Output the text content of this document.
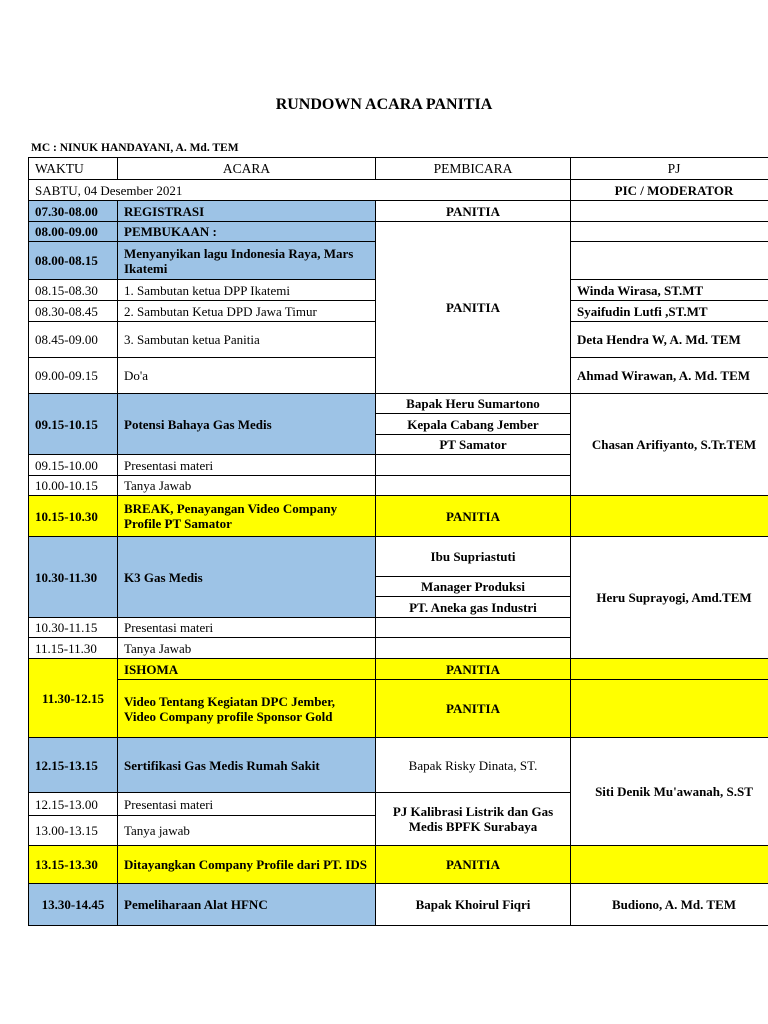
RUNDOWN ACARA PANITIA
MC : NINUK HANDAYANI, A. Md. TEM
WAKTU	ACARA	PEMBICARA	PJ
SABTU, 04 Desember 2021			PIC / MODERATOR
07.30-08.00	REGISTRASI	PANITIA	
08.00-09.00	PEMBUKAAN :	PANITIA	
08.00-08.15	Menyanyikan lagu Indonesia Raya, Mars Ikatemi		
08.15-08.30	1. Sambutan ketua DPP Ikatemi		Winda Wirasa, ST.MT
08.30-08.45	2. Sambutan Ketua DPD Jawa Timur		Syaifudin Lutfi ,ST.MT
08.45-09.00	3. Sambutan ketua Panitia		Deta Hendra W, A. Md. TEM
09.00-09.15	Do'a		Ahmad Wirawan, A. Md. TEM
09.15-10.15	Potensi Bahaya Gas Medis	Bapak Heru Sumartono	Chasan Arifiyanto, S.Tr.TEM
		Kepala Cabang Jember	
		PT Samator	
09.15-10.00	Presentasi materi		
10.00-10.15	Tanya Jawab		
10.15-10.30	BREAK, Penayangan Video Company Profile PT Samator	PANITIA	
10.30-11.30	K3 Gas Medis	Ibu Supriastuti	Heru Suprayogi, Amd.TEM
		Manager Produksi	
		PT. Aneka gas Industri	
10.30-11.15	Presentasi materi		
11.15-11.30	Tanya Jawab		
11.30-12.15	ISHOMA	PANITIA	
	Video Tentang Kegiatan DPC Jember, Video Company profile Sponsor Gold	PANITIA	
12.15-13.15	Sertifikasi Gas Medis Rumah Sakit	Bapak Risky Dinata, ST.	Siti Denik Mu'awanah, S.ST
12.15-13.00	Presentasi materi	PJ Kalibrasi Listrik dan Gas Medis BPFK Surabaya	
13.00-13.15	Tanya jawab		
13.15-13.30	Ditayangkan Company Profile dari PT. IDS	PANITIA	
13.30-14.45	Pemeliharaan Alat HFNC	Bapak Khoirul Fiqri	Budiono, A. Md. TEM
